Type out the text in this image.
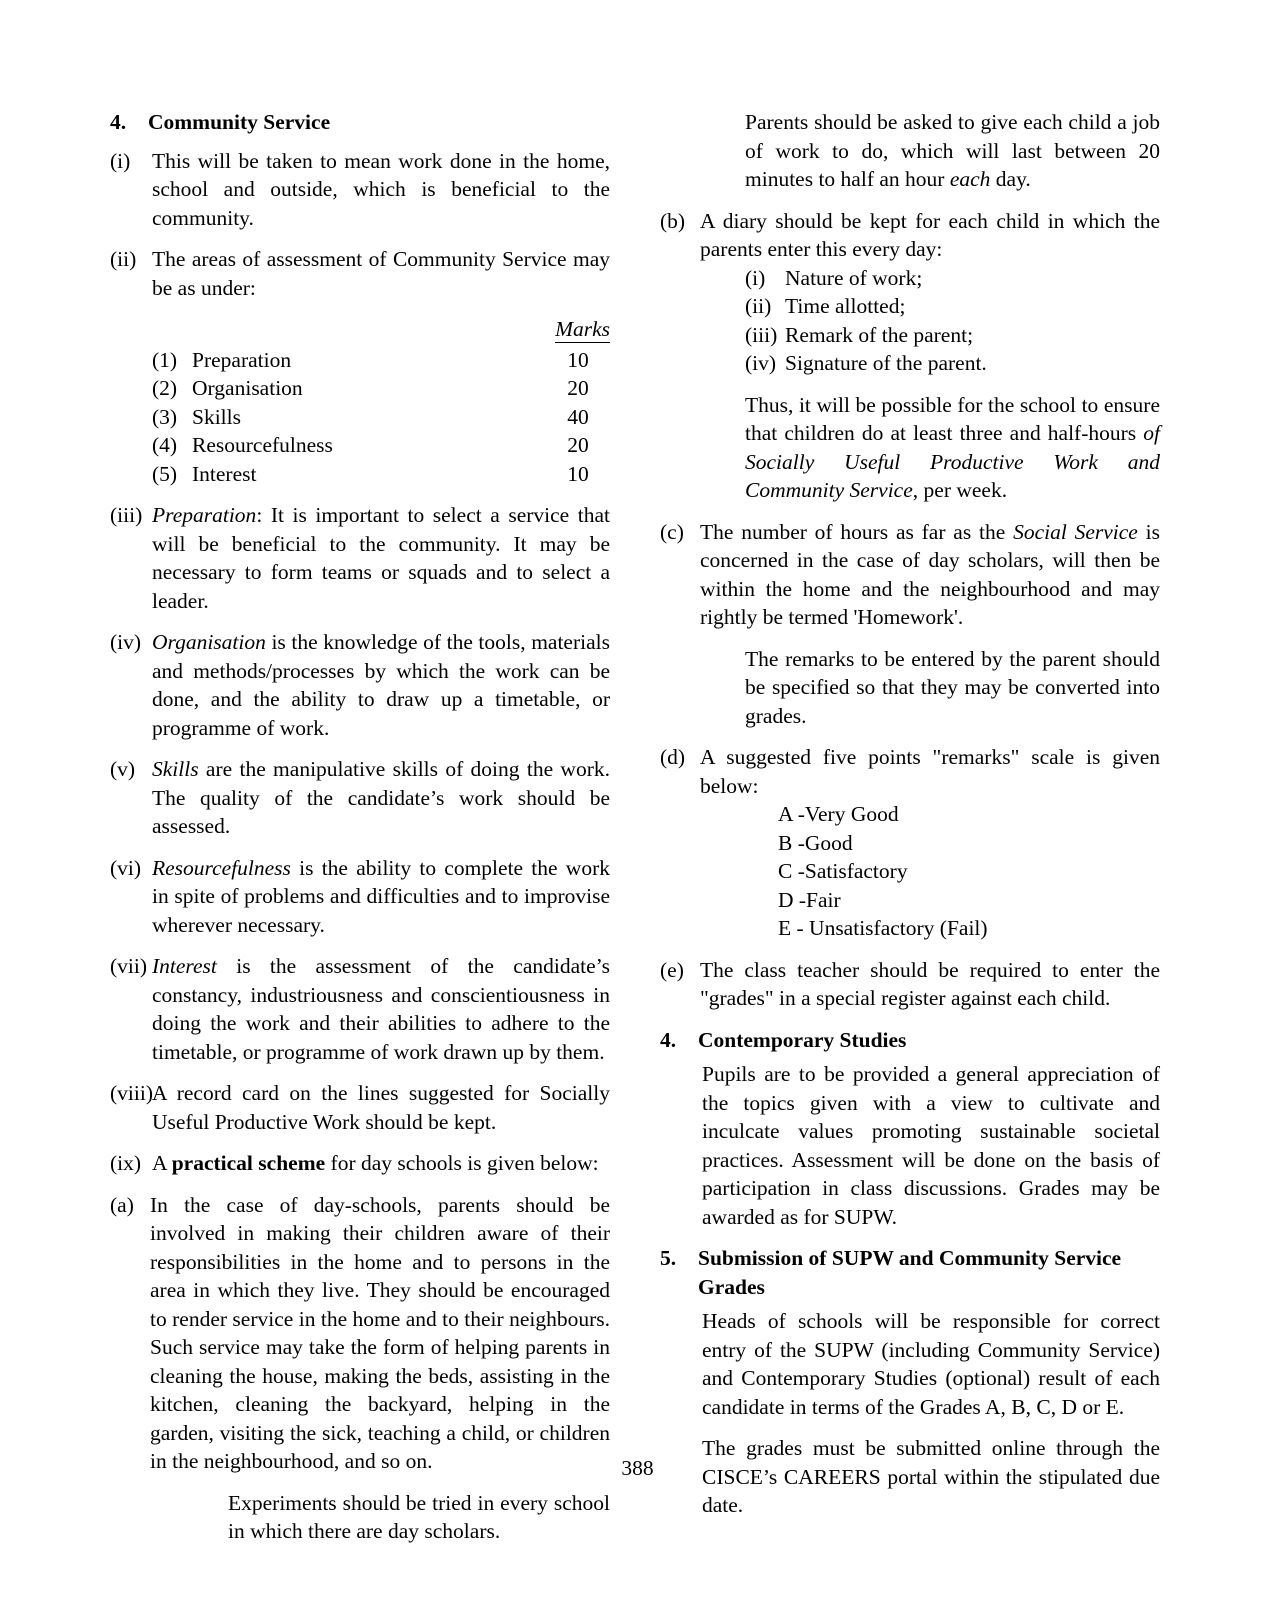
4.	Community Service
(i)	This will be taken to mean work done in the home, school and outside, which is beneficial to the community.
(ii) The areas of assessment of Community Service may be as under:
Marks
(1) Preparation	10
(2) Organisation	20
(3) Skills	40
(4) Resourcefulness	20
(5) Interest	10
(iii) Preparation: It is important to select a service that will be beneficial to the community. It may be necessary to form teams or squads and to select a leader.
(iv) Organisation is the knowledge of the tools, materials and methods/processes by which the work can be done, and the ability to draw up a timetable, or programme of work.
(v) Skills are the manipulative skills of doing the work. The quality of the candidate’s work should be assessed.
(vi) Resourcefulness is the ability to complete the work in spite of problems and difficulties and to improvise wherever necessary.
(vii) Interest is the assessment of the candidate’s constancy, industriousness and conscientiousness in doing the work and their abilities to adhere to the timetable, or programme of work drawn up by them.
(viii) A record card on the lines suggested for Socially Useful Productive Work should be kept.
(ix) A practical scheme for day schools is given below:
(a) In the case of day-schools, parents should be involved in making their children aware of their responsibilities in the home and to persons in the area in which they live. They should be encouraged to render service in the home and to their neighbours. Such service may take the form of helping parents in cleaning the house, making the beds, assisting in the kitchen, cleaning the backyard, helping in the garden, visiting the sick, teaching a child, or children in the neighbourhood, and so on.
Experiments should be tried in every school in which there are day scholars.
Parents should be asked to give each child a job of work to do, which will last between 20 minutes to half an hour each day.
(b) A diary should be kept for each child in which the parents enter this every day:
(i) Nature of work;
(ii) Time allotted;
(iii) Remark of the parent;
(iv) Signature of the parent.
Thus, it will be possible for the school to ensure that children do at least three and half-hours of Socially Useful Productive Work and Community Service, per week.
(c) The number of hours as far as the Social Service is concerned in the case of day scholars, will then be within the home and the neighbourhood and may rightly be termed 'Homework'.
The remarks to be entered by the parent should be specified so that they may be converted into grades.
(d) A suggested five points "remarks" scale is given below:
A -Very Good
B -Good
C -Satisfactory
D -Fair
E - Unsatisfactory (Fail)
(e) The class teacher should be required to enter the "grades" in a special register against each child.
4.	Contemporary Studies
Pupils are to be provided a general appreciation of the topics given with a view to cultivate and inculcate values promoting sustainable societal practices. Assessment will be done on the basis of participation in class discussions. Grades may be awarded as for SUPW.
5.	Submission of SUPW and Community Service Grades
Heads of schools will be responsible for correct entry of the SUPW (including Community Service) and Contemporary Studies (optional) result of each candidate in terms of the Grades A, B, C, D or E.
The grades must be submitted online through the CISCE’s CAREERS portal within the stipulated due date.
388
